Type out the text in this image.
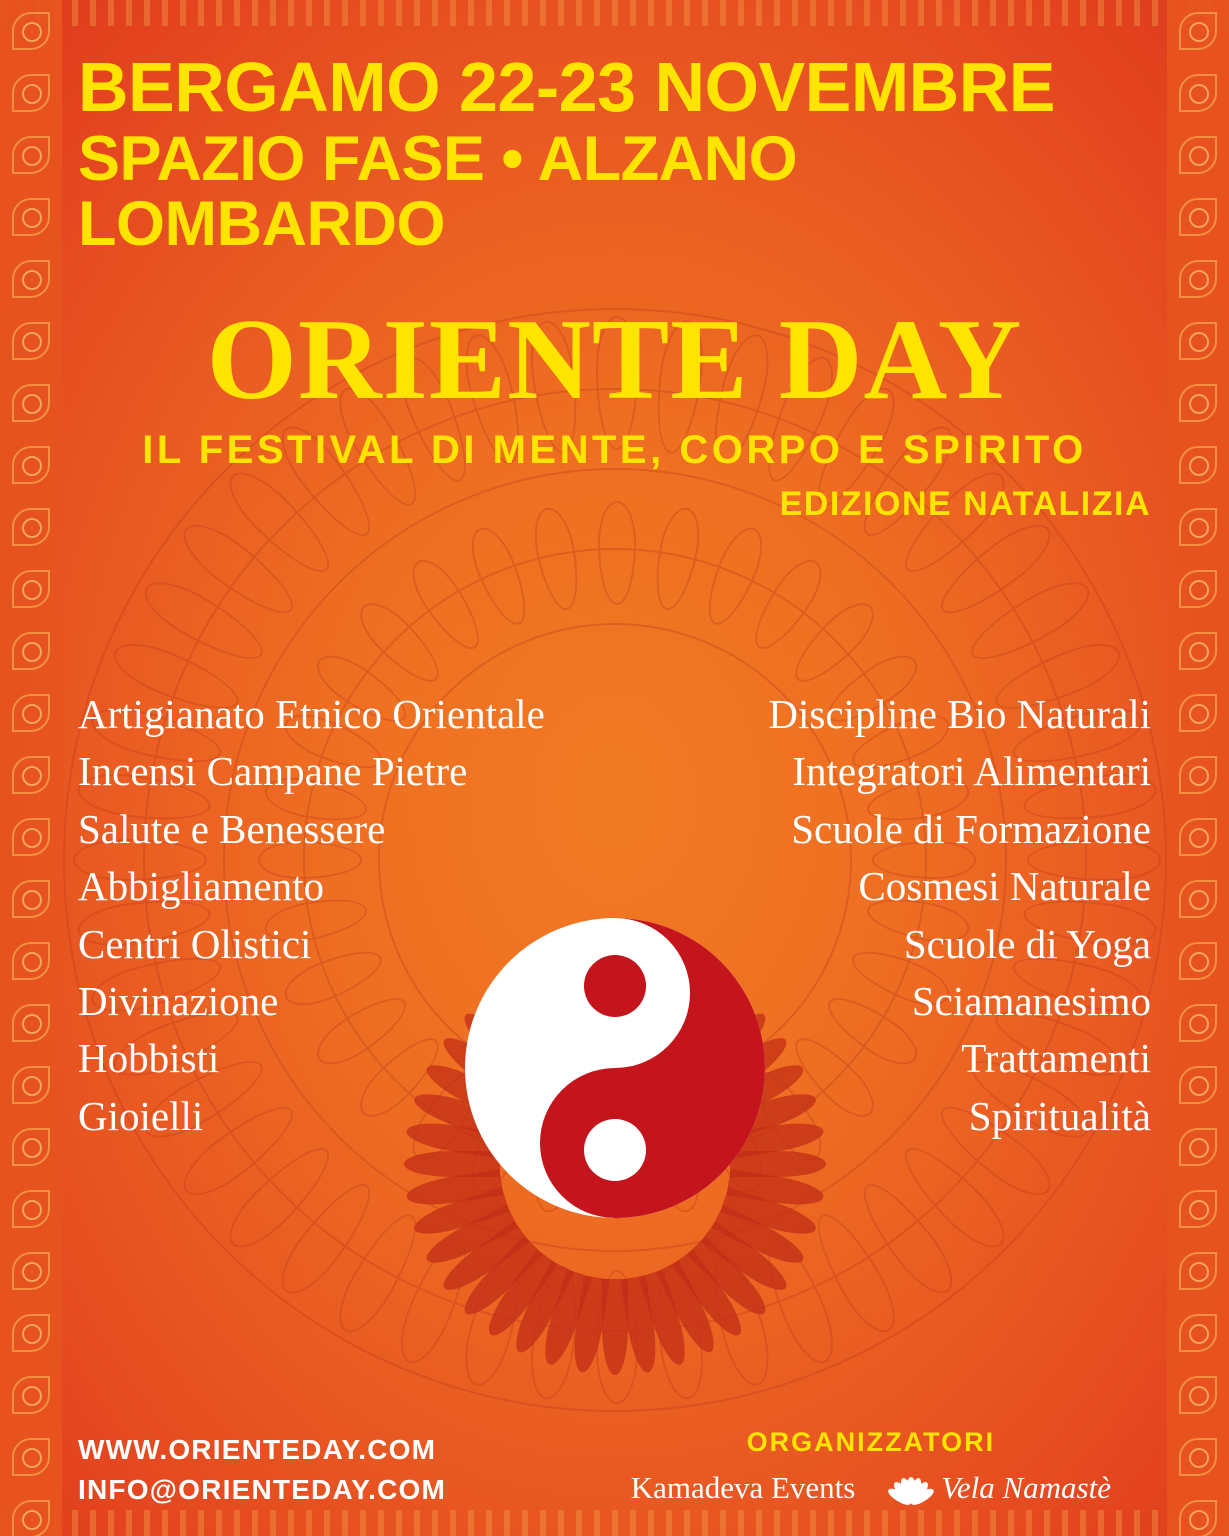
BERGAMO 22-23 NOVEMBRE
SPAZIO FASE • ALZANO LOMBARDO
ORIENTE DAY
IL FESTIVAL DI MENTE, CORPO E SPIRITO
EDIZIONE NATALIZIA
Artigianato Etnico Orientale
Incensi Campane Pietre
Salute e Benessere
Abbigliamento
Centri Olistici
Divinazione
Hobbisti
Gioielli
Discipline Bio Naturali
Integratori Alimentari
Scuole di Formazione
Cosmesi Naturale
Scuole di Yoga
Sciamanesimo
Trattamenti
Spiritualità
WWW.ORIENTEDAY.COM
INFO@ORIENTEDAY.COM
ORGANIZZATORI
Kamadeva Events	Vela Namastè
